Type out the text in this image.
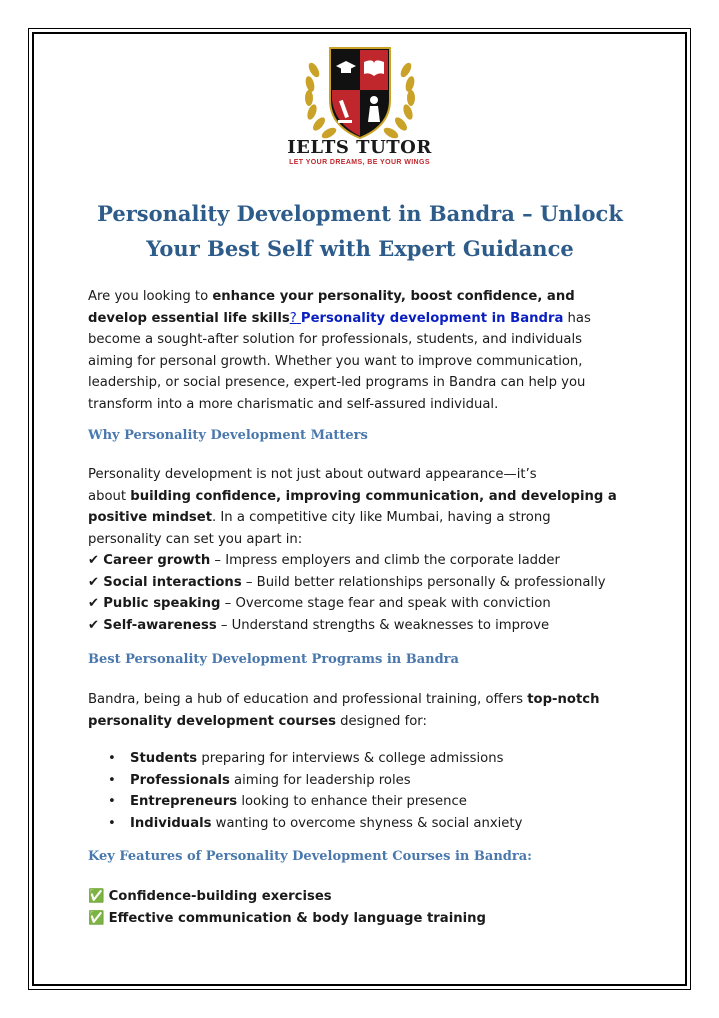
IELTS TUTOR
LET YOUR DREAMS, BE YOUR WINGS
Personality Development in Bandra – Unlock
Your Best Self with Expert Guidance
Are you looking to enhance your personality, boost confidence, and
develop essential life skills? Personality development in Bandra has
become a sought-after solution for professionals, students, and individuals
aiming for personal growth. Whether you want to improve communication,
leadership, or social presence, expert-led programs in Bandra can help you
transform into a more charismatic and self-assured individual.
Why Personality Development Matters
Personality development is not just about outward appearance—it’s
about building confidence, improving communication, and developing a
positive mindset. In a competitive city like Mumbai, having a strong
personality can set you apart in:
✔ Career growth – Impress employers and climb the corporate ladder
✔ Social interactions – Build better relationships personally & professionally
✔ Public speaking – Overcome stage fear and speak with conviction
✔ Self-awareness – Understand strengths & weaknesses to improve
Best Personality Development Programs in Bandra
Bandra, being a hub of education and professional training, offers top-notch
personality development courses designed for:
• Students preparing for interviews & college admissions
• Professionals aiming for leadership roles
• Entrepreneurs looking to enhance their presence
• Individuals wanting to overcome shyness & social anxiety
Key Features of Personality Development Courses in Bandra:
✅ Confidence-building exercises
✅ Effective communication & body language training
